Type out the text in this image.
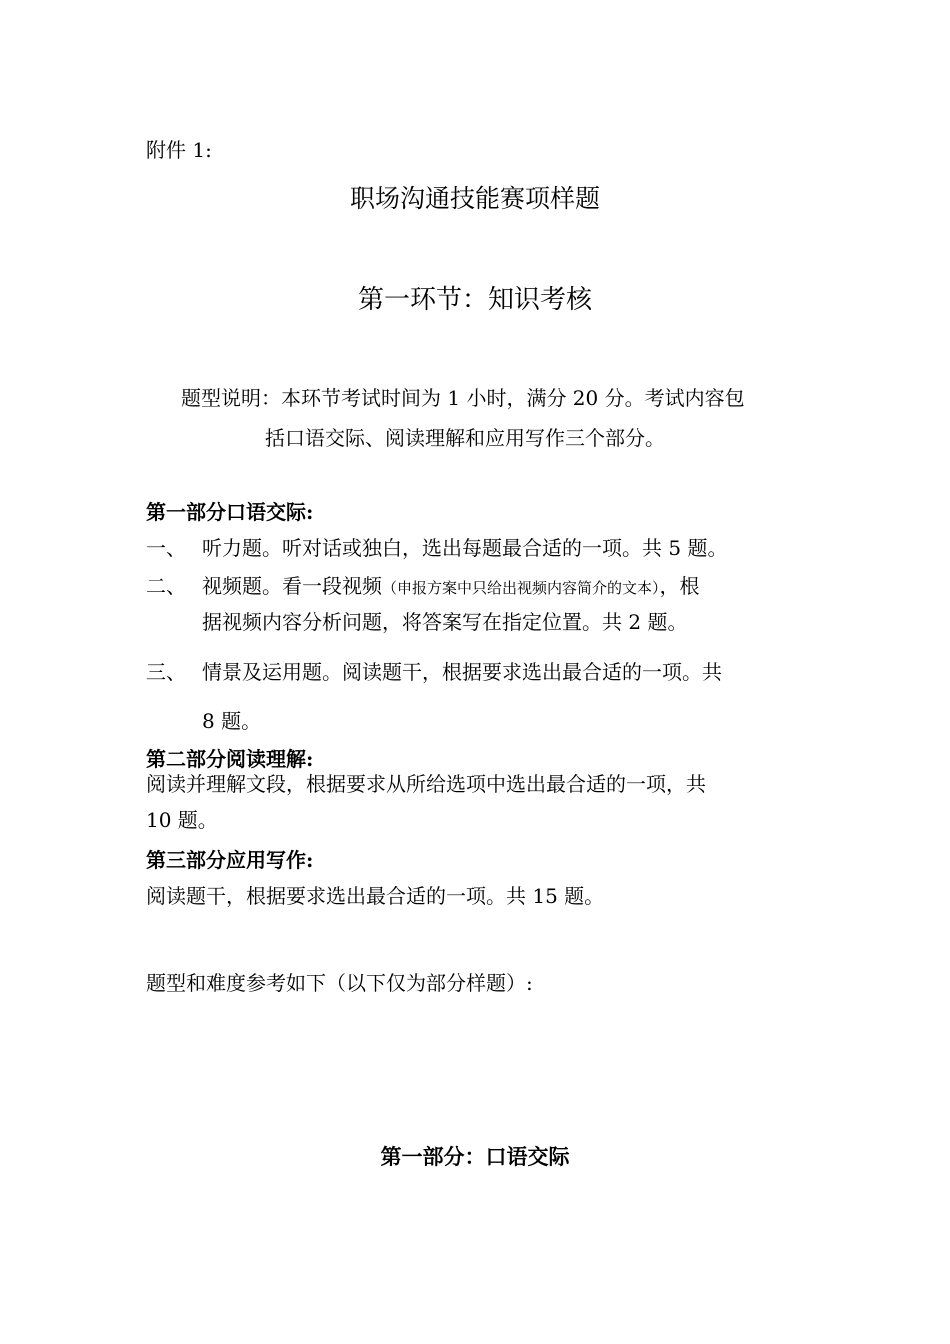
附件 1:
职场沟通技能赛项样题
第一环节：知识考核
题型说明：本环节考试时间为 1 小时，满分 20 分。考试内容包
括口语交际、阅读理解和应用写作三个部分。
第一部分口语交际:
一、 听力题。听对话或独白，选出每题最合适的一项。共 5 题。
二、 视频题。看一段视频（申报方案中只给出视频内容简介的文本），根
据视频内容分析问题，将答案写在指定位置。共 2 题。
三、 情景及运用题。阅读题干，根据要求选出最合适的一项。共
8 题。
第二部分阅读理解:
阅读并理解文段，根据要求从所给选项中选出最合适的一项，共
10 题。
第三部分应用写作:
阅读题干，根据要求选出最合适的一项。共 15 题。
题型和难度参考如下（以下仅为部分样题）:
第一部分：口语交际
